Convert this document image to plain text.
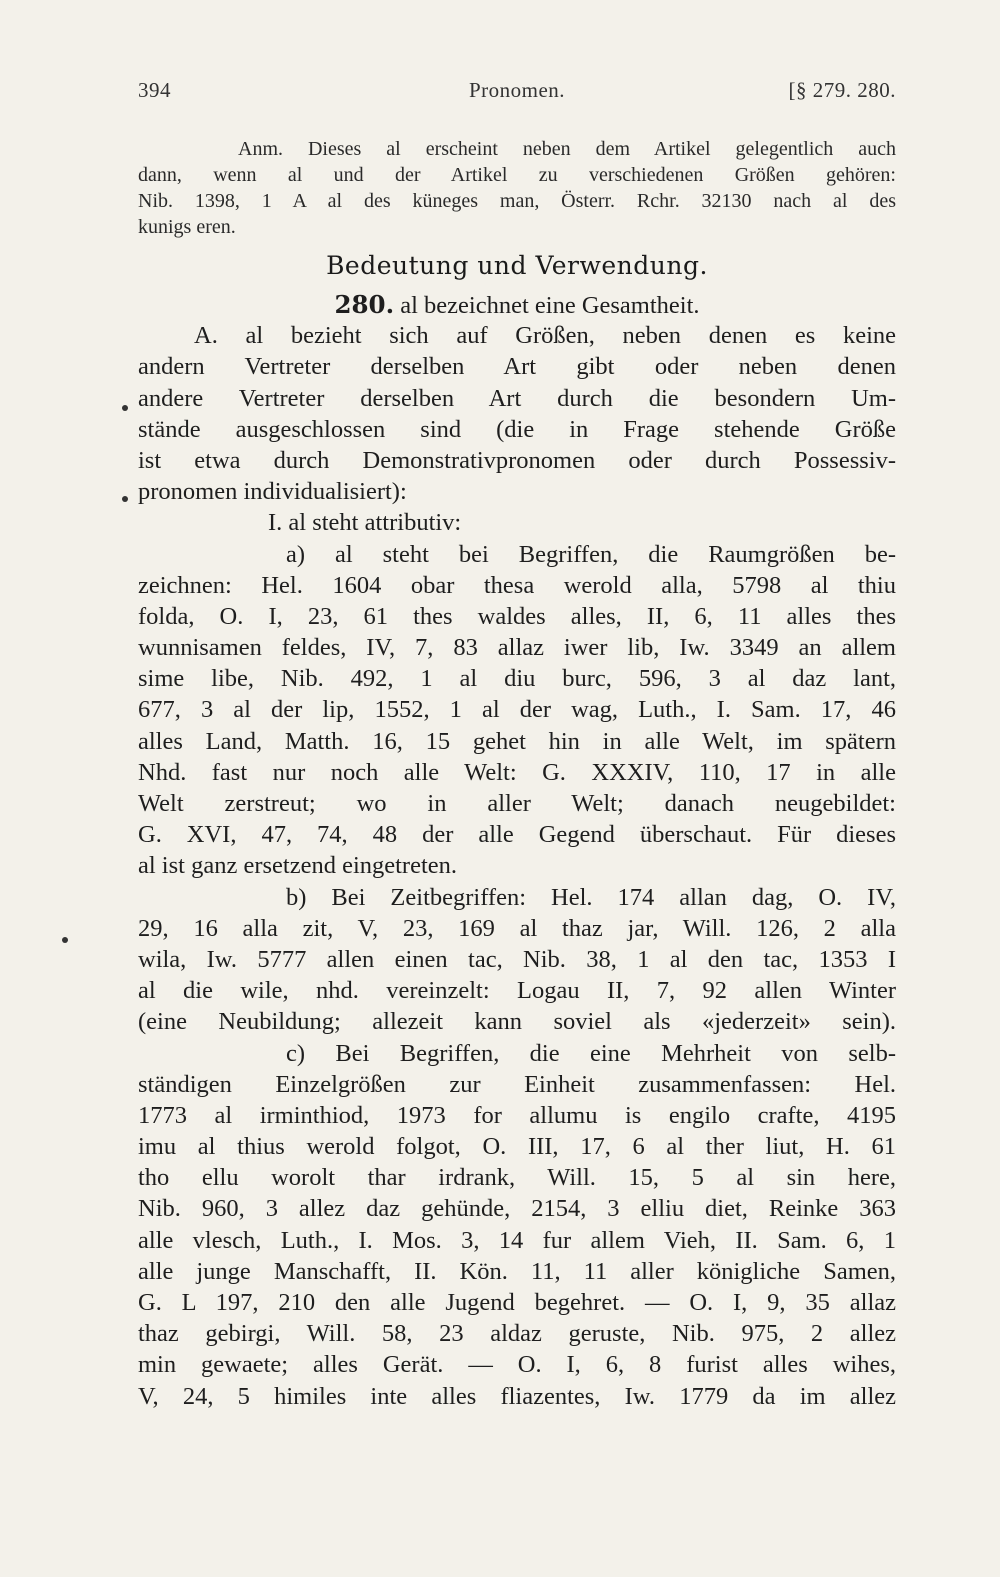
394	Pronomen.	[§ 279. 280.
Anm. Dieses al erscheint neben dem Artikel gelegentlich auch
dann, wenn al und der Artikel zu verschiedenen Größen gehören:
Nib. 1398, 1 A al des küneges man, Österr. Rchr. 32130 nach al des
kunigs eren.
Bedeutung und Verwendung.
280. al bezeichnet eine Gesamtheit.
A. al bezieht sich auf Größen, neben denen es keine
andern Vertreter derselben Art gibt oder neben denen
andere Vertreter derselben Art durch die besondern Um-
stände ausgeschlossen sind (die in Frage stehende Größe
ist etwa durch Demonstrativpronomen oder durch Possessiv-
pronomen individualisiert):
I. al steht attributiv:
a) al steht bei Begriffen, die Raumgrößen be-
zeichnen: Hel. 1604 obar thesa werold alla, 5798 al thiu
folda, O. I, 23, 61 thes waldes alles, II, 6, 11 alles thes
wunnisamen feldes, IV, 7, 83 allaz iwer lib, Iw. 3349 an allem
sime libe, Nib. 492, 1 al diu burc, 596, 3 al daz lant,
677, 3 al der lip, 1552, 1 al der wag, Luth., I. Sam. 17, 46
alles Land, Matth. 16, 15 gehet hin in alle Welt, im spätern
Nhd. fast nur noch alle Welt: G. XXXIV, 110, 17 in alle
Welt zerstreut; wo in aller Welt; danach neugebildet:
G. XVI, 47, 74, 48 der alle Gegend überschaut. Für dieses
al ist ganz ersetzend eingetreten.
b) Bei Zeitbegriffen: Hel. 174 allan dag, O. IV,
29, 16 alla zit, V, 23, 169 al thaz jar, Will. 126, 2 alla
wila, Iw. 5777 allen einen tac, Nib. 38, 1 al den tac, 1353 I
al die wile, nhd. vereinzelt: Logau II, 7, 92 allen Winter
(eine Neubildung; allezeit kann soviel als «jederzeit» sein).
c) Bei Begriffen, die eine Mehrheit von selb-
ständigen Einzelgrößen zur Einheit zusammenfassen: Hel.
1773 al irminthiod, 1973 for allumu is engilo crafte, 4195
imu al thius werold folgot, O. III, 17, 6 al ther liut, H. 61
tho ellu worolt thar irdrank, Will. 15, 5 al sin here,
Nib. 960, 3 allez daz gehünde, 2154, 3 elliu diet, Reinke 363
alle vlesch, Luth., I. Mos. 3, 14 fur allem Vieh, II. Sam. 6, 1
alle junge Manschafft, II. Kön. 11, 11 aller königliche Samen,
G. L 197, 210 den alle Jugend begehret. — O. I, 9, 35 allaz
thaz gebirgi, Will. 58, 23 aldaz geruste, Nib. 975, 2 allez
min gewaete; alles Gerät. — O. I, 6, 8 furist alles wihes,
V, 24, 5 himiles inte alles fliazentes, Iw. 1779 da im allez
